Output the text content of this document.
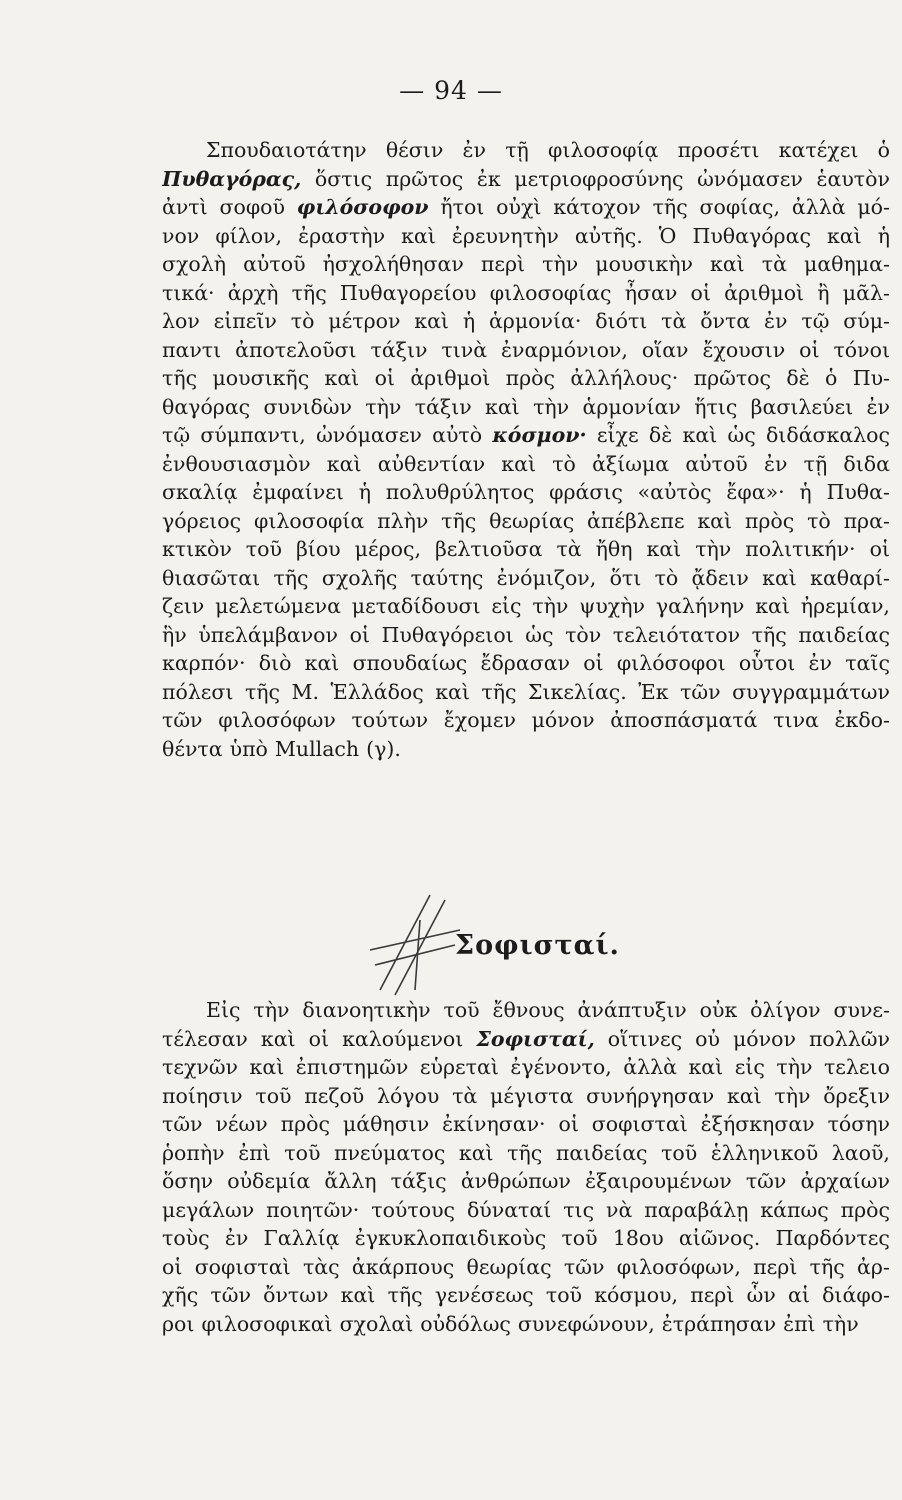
— 94 —
Σπουδαιοτάτην θέσιν ἐν τῇ φιλοσοφίᾳ προσέτι κατέχει ὁ
Πυθαγόρας, ὅστις πρῶτος ἐκ μετριοφροσύνης ὠνόμασεν ἑαυτὸν
ἀντὶ σοφοῦ φιλόσοφον ἤτοι οὐχὶ κάτοχον τῆς σοφίας, ἀλλὰ μό-
νον φίλον, ἐραστὴν καὶ ἐρευνητὴν αὐτῆς. Ὁ Πυθαγόρας καὶ ἡ
σχολὴ αὐτοῦ ἠσχολήθησαν περὶ τὴν μουσικὴν καὶ τὰ μαθημα-
τικά· ἀρχὴ τῆς Πυθαγορείου φιλοσοφίας ἦσαν οἱ ἀριθμοὶ ἢ μᾶλ-
λον εἰπεῖν τὸ μέτρον καὶ ἡ ἁρμονία· διότι τὰ ὄντα ἐν τῷ σύμ-
παντι ἀποτελοῦσι τάξιν τινὰ ἐναρμόνιον, οἵαν ἔχουσιν οἱ τόνοι
τῆς μουσικῆς καὶ οἱ ἀριθμοὶ πρὸς ἀλλήλους· πρῶτος δὲ ὁ Πυ-
θαγόρας συνιδὼν τὴν τάξιν καὶ τὴν ἁρμονίαν ἥτις βασιλεύει ἐν
τῷ σύμπαντι, ὠνόμασεν αὐτὸ κόσμον· εἶχε δὲ καὶ ὡς διδάσκαλος
ἐνθουσιασμὸν καὶ αὐθεντίαν καὶ τὸ ἀξίωμα αὐτοῦ ἐν τῇ διδα
σκαλίᾳ ἐμφαίνει ἡ πολυθρύλητος φράσις «αὐτὸς ἔφα»· ἡ Πυθα-
γόρειος φιλοσοφία πλὴν τῆς θεωρίας ἀπέβλεπε καὶ πρὸς τὸ πρα-
κτικὸν τοῦ βίου μέρος, βελτιοῦσα τὰ ἤθη καὶ τὴν πολιτικήν· οἱ
θιασῶται τῆς σχολῆς ταύτης ἐνόμιζον, ὅτι τὸ ᾄδειν καὶ καθαρί-
ζειν μελετώμενα μεταδίδουσι εἰς τὴν ψυχὴν γαλήνην καὶ ἠρεμίαν,
ἣν ὑπελάμβανον οἱ Πυθαγόρειοι ὡς τὸν τελειότατον τῆς παιδείας
καρπόν· διὸ καὶ σπουδαίως ἔδρασαν οἱ φιλόσοφοι οὗτοι ἐν ταῖς
πόλεσι τῆς Μ. Ἑλλάδος καὶ τῆς Σικελίας. Ἐκ τῶν συγγραμμάτων
τῶν φιλοσόφων τούτων ἔχομεν μόνον ἀποσπάσματά τινα ἐκδο-
θέντα ὑπὸ Mullach (γ).
Σοφισταί.
Εἰς τὴν διανοητικὴν τοῦ ἔθνους ἀνάπτυξιν οὐκ ὀλίγον συνε-
τέλεσαν καὶ οἱ καλούμενοι Σοφισταί, οἵτινες οὐ μόνον πολλῶν
τεχνῶν καὶ ἐπιστημῶν εὑρεταὶ ἐγένοντο, ἀλλὰ καὶ εἰς τὴν τελειο
ποίησιν τοῦ πεζοῦ λόγου τὰ μέγιστα συνήργησαν καὶ τὴν ὄρεξιν
τῶν νέων πρὸς μάθησιν ἐκίνησαν· οἱ σοφισταὶ ἐξήσκησαν τόσην
ῥοπὴν ἐπὶ τοῦ πνεύματος καὶ τῆς παιδείας τοῦ ἑλληνικοῦ λαοῦ,
ὅσην οὐδεμία ἄλλη τάξις ἀνθρώπων ἐξαιρουμένων τῶν ἀρχαίων
μεγάλων ποιητῶν· τούτους δύναταί τις νὰ παραβάλῃ κάπως πρὸς
τοὺς ἐν Γαλλίᾳ ἐγκυκλοπαιδικοὺς τοῦ 18ου αἰῶνος. Παρδόντες
οἱ σοφισταὶ τὰς ἀκάρπους θεωρίας τῶν φιλοσόφων, περὶ τῆς ἀρ-
χῆς τῶν ὄντων καὶ τῆς γενέσεως τοῦ κόσμου, περὶ ὧν αἱ διάφο-
ροι φιλοσοφικαὶ σχολαὶ οὐδόλως συνεφώνουν, ἐτράπησαν ἐπὶ τὴν
